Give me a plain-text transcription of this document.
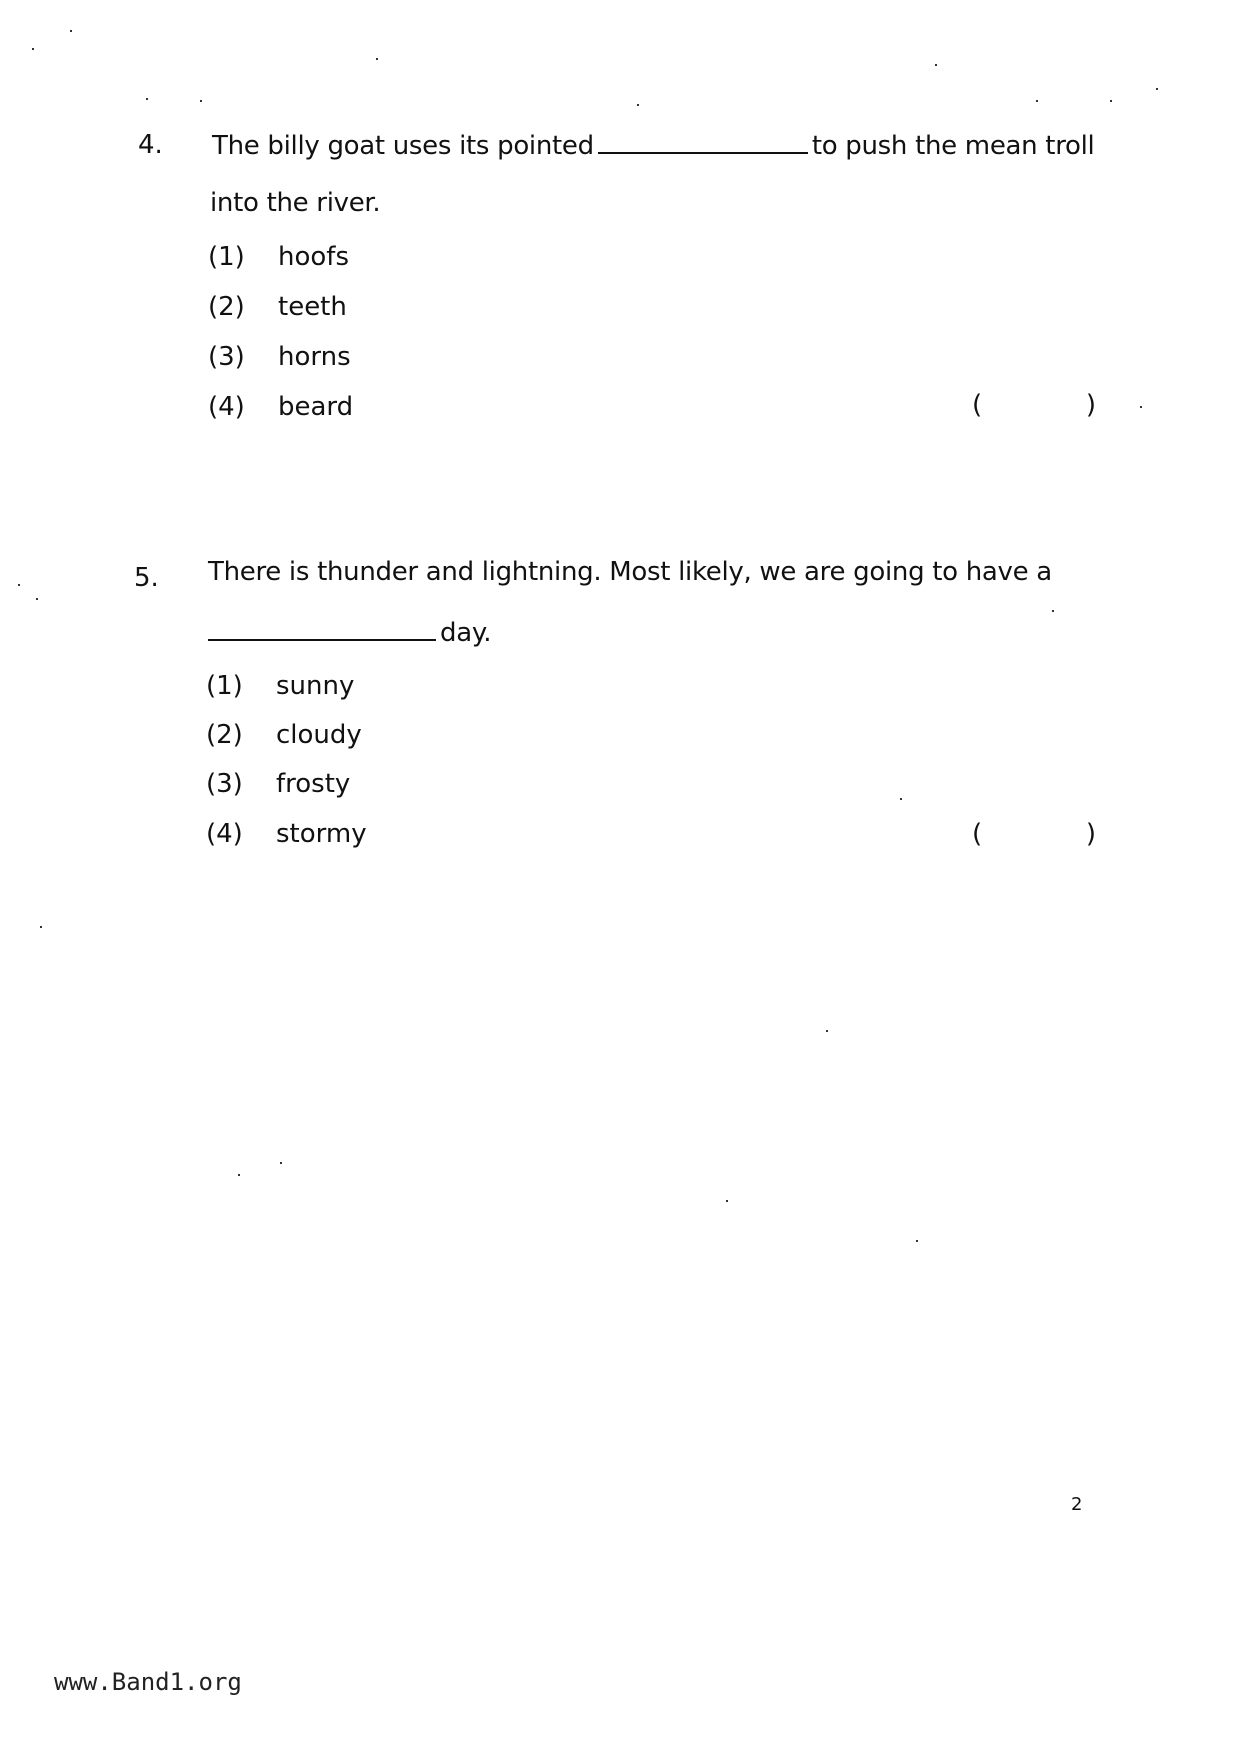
4. The billy goat uses its pointed	to push the mean troll
into the river.
(1) hoofs
(2) teeth
(3) horns
(4) beard	(	)
5. There is thunder and lightning. Most likely, we are going to have a
day.
(1) sunny
(2) cloudy
(3) frosty
(4) stormy	(	)
2
www.Band1.org
